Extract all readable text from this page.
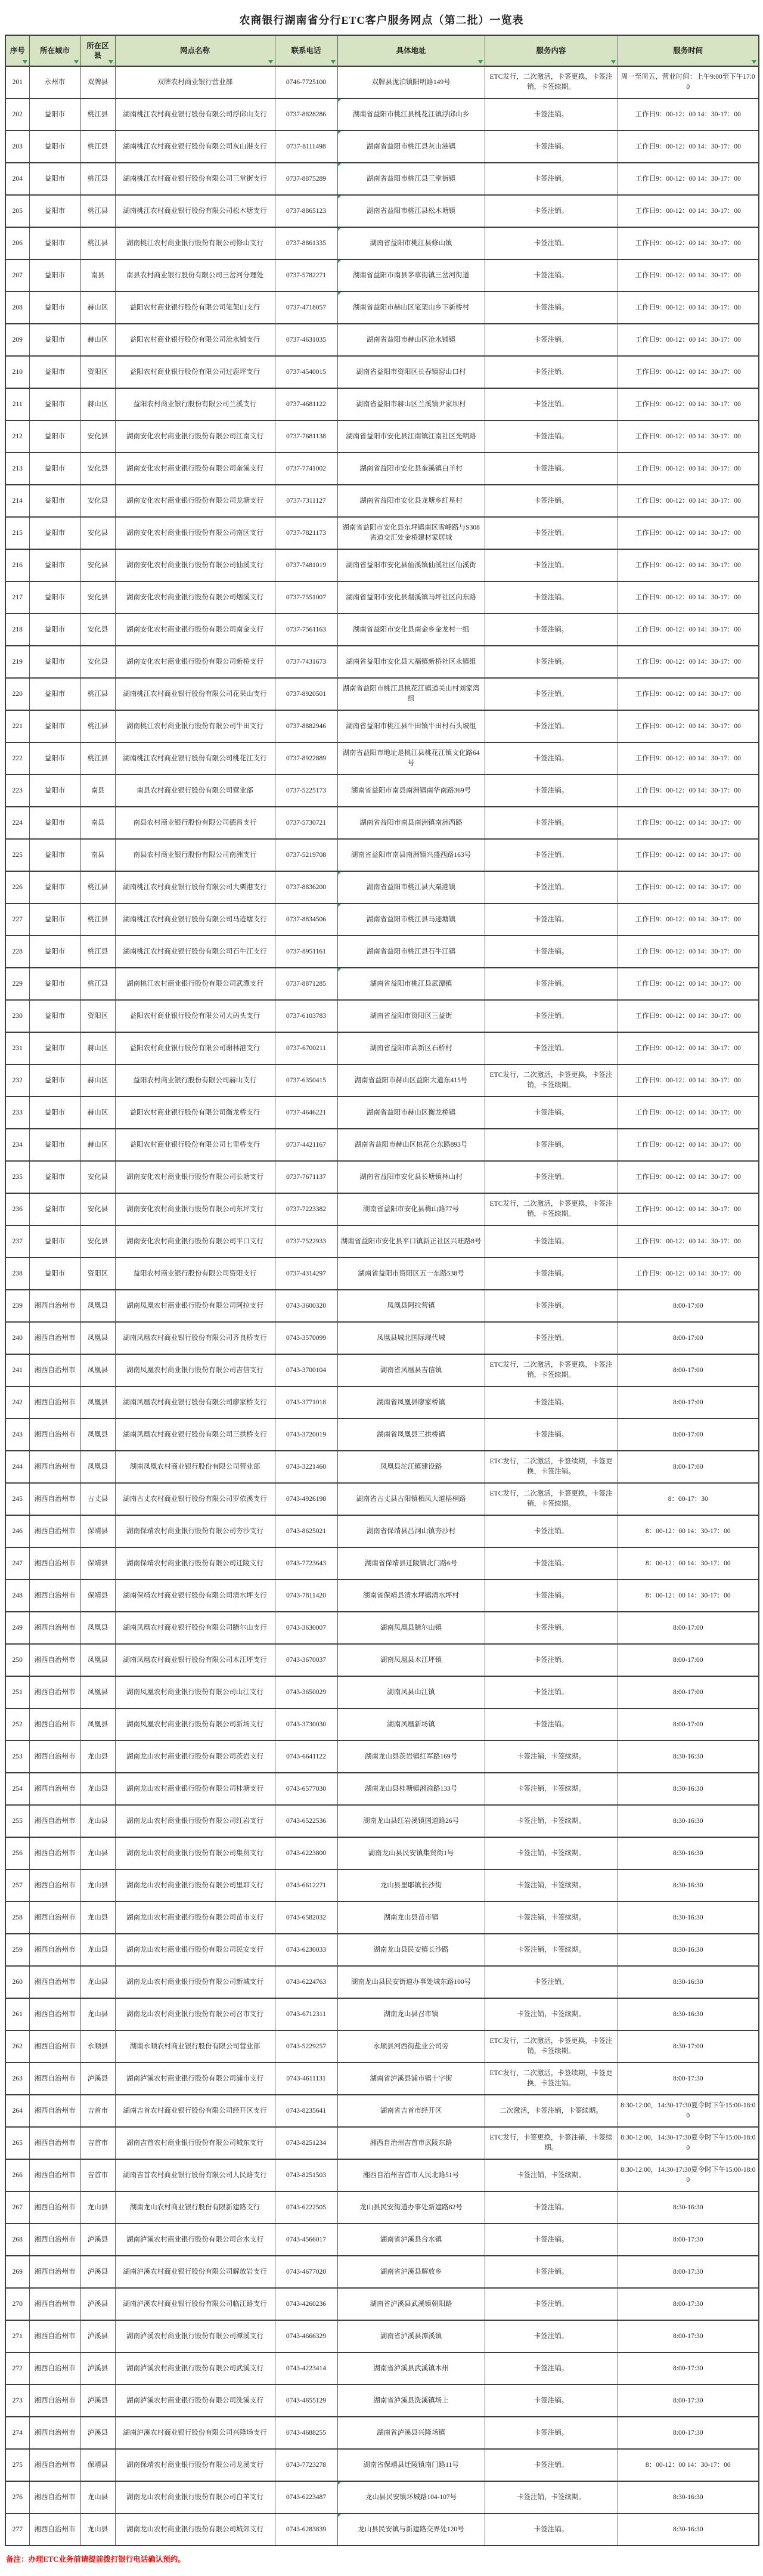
农商银行湖南省分行ETC客户服务网点（第二批）一览表
序号	所在城市	所在区县	网点名称	联系电话	具体地址	服务内容	服务时间

201	永州市	双牌县	双牌农村商业银行营业部	0746-7725100	双牌县泷泊镇阳明路149号	ETC发行，二次激活，卡签更换，卡签注销，卡签续期。	周一至周五，营业时间：上午9:00至下午17:00
202	益阳市	桃江县	湖南桃江农村商业银行股份有限公司浮邱山支行	0737-8828286	湖南省益阳市桃江县桃花江镇浮邱山乡	卡签注销。	工作日9：00-12：00 14：30-17：00
203	益阳市	桃江县	湖南桃江农村商业银行股份有限公司灰山港支行	0737-8111498	湖南省益阳市桃江县灰山港镇	卡签注销。	工作日9：00-12：00 14：30-17：00
204	益阳市	桃江县	湖南桃江农村商业银行股份有限公司三堂街支行	0737-8875289	湖南省益阳市桃江县三堂街镇	卡签注销。	工作日9：00-12：00 14：30-17：00
205	益阳市	桃江县	湖南桃江农村商业银行股份有限公司松木塘支行	0737-8865123	湖南省益阳市桃江县松木塘镇	卡签注销。	工作日9：00-12：00 14：30-17：00
206	益阳市	桃江县	湖南桃江农村商业银行股份有限公司修山支行	0737-8861335	湖南省益阳市桃江县修山镇	卡签注销。	工作日9：00-12：00 14：30-17：00
207	益阳市	南县	南县农村商业银行股份有限公司三岔河分理处	0737-5782271	湖南省益阳市南县茅草街镇三岔河街道	卡签注销。	工作日9：00-12：00 14：30-17：00
208	益阳市	赫山区	益阳农村商业银行股份有限公司笔架山支行	0737-4718057	湖南省益阳市赫山区笔架山乡下新桥村	卡签注销。	工作日9：00-12：00 14：30-17：00
209	益阳市	赫山区	益阳农村商业银行股份有限公司沧水铺支行	0737-4631035	湖南省益阳市赫山区沧水铺镇	卡签注销。	工作日9：00-12：00 14：30-17：00
210	益阳市	资阳区	益阳农村商业银行股份有限公司过鹿坪支行	0737-4540015	湖南省益阳市资阳区长春镇窑山口村	卡签注销。	工作日9：00-12：00 14：30-17：00
211	益阳市	赫山区	益阳农村商业银行股份有限公司兰溪支行	0737-4681122	湖南省益阳市赫山区兰溪镇尹家坝村	卡签注销。	工作日9：00-12：00 14：30-17：00
212	益阳市	安化县	湖南安化农村商业银行股份有限公司江南支行	0737-7681138	湖南省益阳市安化县江南镇江南社区光明路	卡签注销。	工作日9：00-12：00 14：30-17：00
213	益阳市	安化县	湖南安化农村商业银行股份有限公司奎溪支行	0737-7741002	湖南省益阳市安化县奎溪镇白羊村	卡签注销。	工作日9：00-12：00 14：30-17：00
214	益阳市	安化县	湖南安化农村商业银行股份有限公司龙塘支行	0737-7311127	湖南省益阳市安化县龙塘乡红星村	卡签注销。	工作日9：00-12：00 14：30-17：00
215	益阳市	安化县	湖南安化农村商业银行股份有限公司南区支行	0737-7821173	湖南省益阳市安化县东坪镇南区雪峰路与S308省道交汇处金桥建材家居城	卡签注销。	工作日9：00-12：00 14：30-17：00
216	益阳市	安化县	湖南安化农村商业银行股份有限公司仙溪支行	0737-7481019	湖南省益阳市安化县仙溪镇仙溪社区仙溪街	卡签注销。	工作日9：00-12：00 14：30-17：00
217	益阳市	安化县	湖南安化农村商业银行股份有限公司烟溪支行	0737-7551007	湖南省益阳市安化县烟溪镇马坪社区向东路	卡签注销。	工作日9：00-12：00 14：30-17：00
218	益阳市	安化县	湖南安化农村商业银行股份有限公司南金支行	0737-7561163	湖南省益阳市安化县南金乡金龙村一组	卡签注销。	工作日9：00-12：00 14：30-17：00
219	益阳市	安化县	湖南安化农村商业银行股份有限公司新桥支行	0737-7431673	湖南省益阳市安化县大福镇新桥社区永镇组	卡签注销。	工作日9：00-12：00 14：30-17：00
220	益阳市	桃江县	湖南桃江农村商业银行股份有限公司花果山支行	0737-8920501	湖南省益阳市桃江县桃花江镇道关山村刘家湾组	卡签注销。	工作日9：00-12：00 14：30-17：00
221	益阳市	桃江县	湖南桃江农村商业银行股份有限公司牛田支行	0737-8882946	湖南省益阳市桃江县牛田镇牛田村石头坡组	卡签注销。	工作日9：00-12：00 14：30-17：00
222	益阳市	桃江县	湖南桃江农村商业银行股份有限公司桃花江支行	0737-8922889	湖南省益阳市地址是桃江县桃花江镇文化路64号	卡签注销。	工作日9：00-12：00 14：30-17：00
223	益阳市	南县	南县农村商业银行股份有限公司营业部	0737-5225173	湖南省益阳市南县南洲镇南华南路369号	卡签注销。	工作日9：00-12：00 14：30-17：00
224	益阳市	南县	南县农村商业银行股份有限公司德昌支行	0737-5730721	湖南省益阳市南县南洲镇南洲西路	卡签注销。	工作日9：00-12：00 14：30-17：00
225	益阳市	南县	南县农村商业银行股份有限公司南洲支行	0737-5219708	湖南省益阳市南县南洲镇兴盛西路163号	卡签注销。	工作日9：00-12：00 14：30-17：00
226	益阳市	桃江县	湖南桃江农村商业银行股份有限公司大栗港支行	0737-8836200	湖南省益阳市桃江县大栗港镇	卡签注销。	工作日9：00-12：00 14：30-17：00
227	益阳市	桃江县	湖南桃江农村商业银行股份有限公司马迹塘支行	0737-8834506	湖南省益阳市桃江县马迹塘镇	卡签注销。	工作日9：00-12：00 14：30-17：00
228	益阳市	桃江县	湖南桃江农村商业银行股份有限公司石牛江支行	0737-8951161	湖南省益阳市桃江县石牛江镇	卡签注销。	工作日9：00-12：00 14：30-17：00
229	益阳市	桃江县	湖南桃江农村商业银行股份有限公司武潭支行	0737-8871285	湖南省益阳市桃江县武潭镇	卡签注销。	工作日9：00-12：00 14：30-17：00
230	益阳市	资阳区	益阳农村商业银行股份有限公司大码头支行	0737-6103783	湖南省益阳市资阳区三益街	卡签注销。	工作日9：00-12：00 14：30-17：00
231	益阳市	赫山区	益阳农村商业银行股份有限公司谢林港支行	0737-6700211	湖南省益阳市高新区石桥村	卡签注销。	工作日9：00-12：00 14：30-17：00
232	益阳市	赫山区	益阳农村商业银行股份有限公司赫山支行	0737-6350415	湖南省益阳市赫山区益阳大道东415号	ETC发行，二次激活，卡签更换，卡签注销，卡签续期。	工作日9：00-12：00 14：30-17：00
233	益阳市	赫山区	益阳农村商业银行股份有限公司衡龙桥支行	0737-4646221	湖南省益阳市赫山区衡龙桥镇	卡签注销。	工作日9：00-12：00 14：30-17：00
234	益阳市	赫山区	益阳农村商业银行股份有限公司七里桥支行	0737-4421167	湖南省益阳市赫山区桃花仑东路893号	卡签注销。	工作日9：00-12：00 14：30-17：00
235	益阳市	安化县	湖南安化农村商业银行股份有限公司长塘支行	0737-7671137	湖南省益阳市安化县长塘镇林山村	卡签注销。	工作日9：00-12：00 14：30-17：00
236	益阳市	安化县	湖南安化农村商业银行股份有限公司东坪支行	0737-7223382	湖南省益阳市安化县梅山路77号	ETC发行，二次激活，卡签更换，卡签注销，卡签续期。	工作日9：00-12：00 14：30-17：00
237	益阳市	安化县	湖南安化农村商业银行股份有限公司平口支行	0737-7522933	湖南省益阳市安化县平口镇新正社区兴旺路8号	卡签注销。	工作日9：00-12：00 14：30-17：00
238	益阳市	资阳区	益阳农村商业银行股份有限公司资阳支行	0737-4314297	湖南省益阳市资阳区五一东路538号	卡签注销。	工作日9：00-12：00 14：30-17：00
239	湘西自治州市	凤凰县	湖南凤凰农村商业银行股份有限公司阿拉支行	0743-3600320	凤凰县阿拉营镇	卡签注销。	8:00-17:00
240	湘西自治州市	凤凰县	湖南凤凰农村商业银行股份有限公司齐良桥支行	0743-3570099	凤凰县城北国际现代城	卡签注销。	8:00-17:00
241	湘西自治州市	凤凰县	湖南凤凰农村商业银行股份有限公司吉信支行	0743-3700104	湖南省凤凰县吉信镇	ETC发行，二次激活，卡签更换，卡签注销，卡签续期。	8:00-17:00
242	湘西自治州市	凤凰县	湖南凤凰农村商业银行股份有限公司廖家桥支行	0743-3771018	湖南省凤凰县廖家桥镇	卡签注销。	8:00-17:00
243	湘西自治州市	凤凰县	湖南凤凰农村商业银行股份有限公司三拱桥支行	0743-3720019	湖南省凤凰县三拱桥镇	卡签注销。	8:00-17:00
244	湘西自治州市	凤凰县	湖南凤凰农村商业银行股份有限公司营业部	0743-3221460	凤凰县沱江镇建设路	ETC发行，二次激活，卡签续期，卡签更换，卡签注销。	8:00-17:00
245	湘西自治州市	古丈县	湖南古丈农村商业银行股份有限公司罗依溪支行	0743-4926198	湖南省古丈县古阳镇栖凤大道梧桐路	ETC发行，二次激活，卡签更换，卡签注销，卡签续期。	8：00-17：30
246	湘西自治州市	保靖县	湖南保靖农村商业银行股份有限公司夯沙支行	0743-8625021	湖南省保靖县吕洞山镇夯沙村	卡签注销。	8：00-12：00 14：30-17：00
247	湘西自治州市	保靖县	湖南保靖农村商业银行股份有限公司迁陵支行	0743-7723643	湖南省保靖县迁陵镇北门路6号	卡签注销。	8：00-12：00 14：30-17：00
248	湘西自治州市	保靖县	湖南保靖农村商业银行股份有限公司清水坪支行	0743-7811420	湖南省保靖县清水坪镇清水坪村	卡签注销。	8：00-12：00 14：30-17：00
249	湘西自治州市	凤凰县	湖南凤凰农村商业银行股份有限公司腊尔山支行	0743-3630007	湖南凤凰县腊尔山镇	卡签注销。	8:00-17:00
250	湘西自治州市	凤凰县	湖南凤凰农村商业银行股份有限公司木江坪支行	0743-3670037	湖南凤凰县木江坪镇	卡签注销。	8:00-17:00
251	湘西自治州市	凤凰县	湖南凤凰农村商业银行股份有限公司山江支行	0743-3650029	湖南凤县山江镇	卡签注销。	8:00-17:00
252	湘西自治州市	凤凰县	湖南凤凰农村商业银行股份有限公司新场支行	0743-3730030	湖南凤凰新场镇	卡签注销。	8:00-17:00
253	湘西自治州市	龙山县	湖南龙山农村商业银行股份有限公司茨岩支行	0743-6641122	湖南龙山县茨岩镇红军路169号	卡签注销，卡签续期。	8:30-16:30
254	湘西自治州市	龙山县	湖南龙山农村商业银行股份有限公司桂塘支行	0743-6577030	湖南龙山县桂塘镇湘渝路133号	卡签注销，卡签续期。	8:30-16:30
255	湘西自治州市	龙山县	湖南龙山农村商业银行股份有限公司红岩支行	0743-6522536	湖南龙山县红岩溪镇国道路26号	卡签注销，卡签续期。	8:30-16:30
256	湘西自治州市	龙山县	湖南龙山农村商业银行股份有限公司集贸支行	0743-6223800	湖南龙山县民安镇集贸街1号	卡签注销，卡签续期。	8:30-16:30
257	湘西自治州市	龙山县	湖南龙山农村商业银行股份有限公司里耶支行	0743-6612271	龙山县里耶镇长沙街	卡签注销，卡签续期。	8:30-16:30
258	湘西自治州市	龙山县	湖南龙山农村商业银行股份有限公司苗市支行	0743-6582032	湖南龙山县苗市镇	卡签注销，卡签续期。	8:30-16:30
259	湘西自治州市	龙山县	湖南龙山农村商业银行股份有限公司民安支行	0743-6230033	湖南龙山县民安镇长沙路	卡签注销，卡签续期。	8:30-16:30
260	湘西自治州市	龙山县	湖南龙山农村商业银行股份有限公司新城支行	0743-6224763	湖南龙山县民安街道办事处城东路100号	卡签注销。	8:30-16:30
261	湘西自治州市	龙山县	湖南龙山农村商业银行股份有限公司召市支行	0743-6712311	湖南龙山县召市镇	卡签注销，卡签续期。	8:30-16:30
262	湘西自治州市	永顺县	湖南永顺农村商业银行股份有限公司营业部	0743-5229257	永顺县河西街盐业公司旁	ETC发行，二次激活，卡签更换，卡签注销，卡签续期。	8:30-17:00
263	湘西自治州市	泸溪县	湖南泸溪农村商业银行股份有限公司浦市支行	0743-4611131	湖南省泸溪县浦市镇十字街	ETC发行，二次激活，卡签续期，卡签更换，卡签注销。	8:00-17:30
264	湘西自治州市	吉首市	湖南吉首农村商业银行股份有限公司经开区支行	0743-8235641	湖南省吉首市经开区	二次激活，卡签注销，卡签续期。	8:30-12:00，14:30-17:30夏令时下午15:00-18:00
265	湘西自治州市	吉首市	湖南吉首农村商业银行股份有限公司城东支行	0743-8251234	湘西自治州吉首市武陵东路	ETC发行，卡签更换，卡签注销，卡签续期。	8:30-12:00，14:30-17:30夏令时下午15:00-18:00
266	湘西自治州市	吉首市	湖南吉首农村商业银行股份有限公司人民路支行	0743-8251503	湘西自治州吉首市人民北路51号	卡签注销，卡签续期。	8:30-12:00，14:30-17:30夏令时下午15:00-18:00
267	湘西自治州市	龙山县	湖南龙山农村商业银行股份有限新建路支行	0743-6222505	龙山县民安街道办事处新建路82号	卡签注销。	8:30-16:30
268	湘西自治州市	泸溪县	湖南泸溪农村商业银行股份有限公司合水支行	0743-4566017	湖南省泸溪县合水镇	卡签注销。	8:00-17:30
269	湘西自治州市	泸溪县	湖南泸溪农村商业银行股份有限公司解放岩支行	0743-4677020	湖南省泸溪县解放乡	卡签注销。	8:00-17:30
270	湘西自治州市	泸溪县	湖南泸溪农村商业银行股份有限公司临江路支行	0743-4260236	湖南省泸溪县武溪镇朝阳路	卡签注销。	8:00-17:30
271	湘西自治州市	泸溪县	湖南泸溪农村商业银行股份有限公司潭溪支行	0743-4666329	湖南省泸溪县潭溪镇	卡签注销。	8:00-17:30
272	湘西自治州市	泸溪县	湖南泸溪农村商业银行股份有限公司武溪支行	0743-4223414	湖南省泸溪县武溪镇木州	卡签注销。	8:00-17:30
273	湘西自治州市	泸溪县	湖南泸溪农村商业银行股份有限公司洗溪支行	0743-4655129	湖南省泸溪县洗溪镇场上	卡签注销。	8:00-17:30
274	湘西自治州市	泸溪县	湖南泸溪农村商业银行股份有限公司兴隆场支行	0743-4688255	湖南省泸溪县兴隆场镇	卡签注销。	8:00-17:30
275	湘西自治州市	保靖县	湖南保靖农村商业银行股份有限公司龙溪支行	0743-7723278	湖南省保靖县迁陵镇南门路11号	卡签注销。	8：00-12：00 14：30-17：00
276	湘西自治州市	龙山县	湖南龙山农村商业银行股份有限公司白羊支行	0743-6223487	龙山县民安镇环城路104-107号	卡签注销，卡签续期。	8:30-16:30
277	湘西自治州市	龙山县	湖南龙山农村商业银行股份有限公司城郊支行	0743-6283839	龙山县民安镇与新建路交界处120号	卡签注销。	8:30-16:30
备注：办理ETC业务前请提前拨打银行电话确认预约。
